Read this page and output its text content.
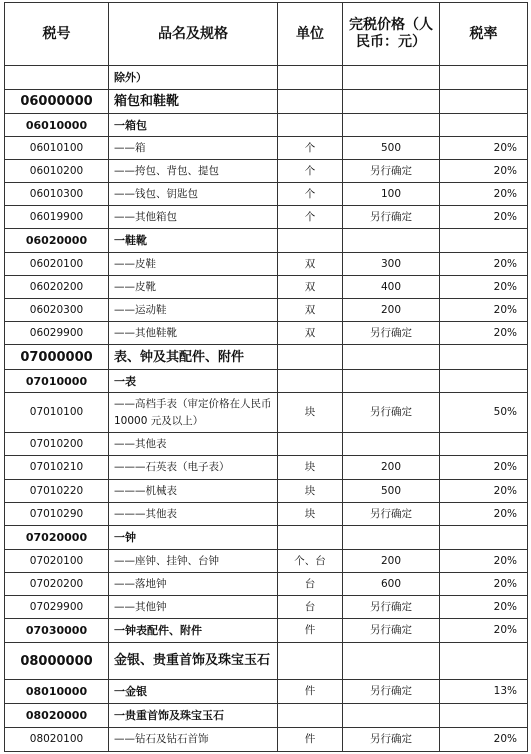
税号	品名及规格	单位	完税价格（人民币：元）	税率
	除外）			
06000000	箱包和鞋靴			
06010000	一箱包			
06010100	——箱	个	500	20%
06010200	——挎包、背包、提包	个	另行确定	20%
06010300	——钱包、钥匙包	个	100	20%
06019900	——其他箱包	个	另行确定	20%
06020000	一鞋靴			
06020100	——皮鞋	双	300	20%
06020200	——皮靴	双	400	20%
06020300	——运动鞋	双	200	20%
06029900	——其他鞋靴	双	另行确定	20%
07000000	表、钟及其配件、附件			
07010000	一表			
07010100	——高档手表（审定价格在人民币 10000 元及以上）	块	另行确定	50%
07010200	——其他表			
07010210	———石英表（电子表）	块	200	20%
07010220	———机械表	块	500	20%
07010290	———其他表	块	另行确定	20%
07020000	一钟			
07020100	——座钟、挂钟、台钟	个、台	200	20%
07020200	——落地钟	台	600	20%
07029900	——其他钟	台	另行确定	20%
07030000	一钟表配件、附件	件	另行确定	20%
08000000	金银、贵重首饰及珠宝玉石			
08010000	一金银	件	另行确定	13%
08020000	一贵重首饰及珠宝玉石			
08020100	——钻石及钻石首饰	件	另行确定	20%
